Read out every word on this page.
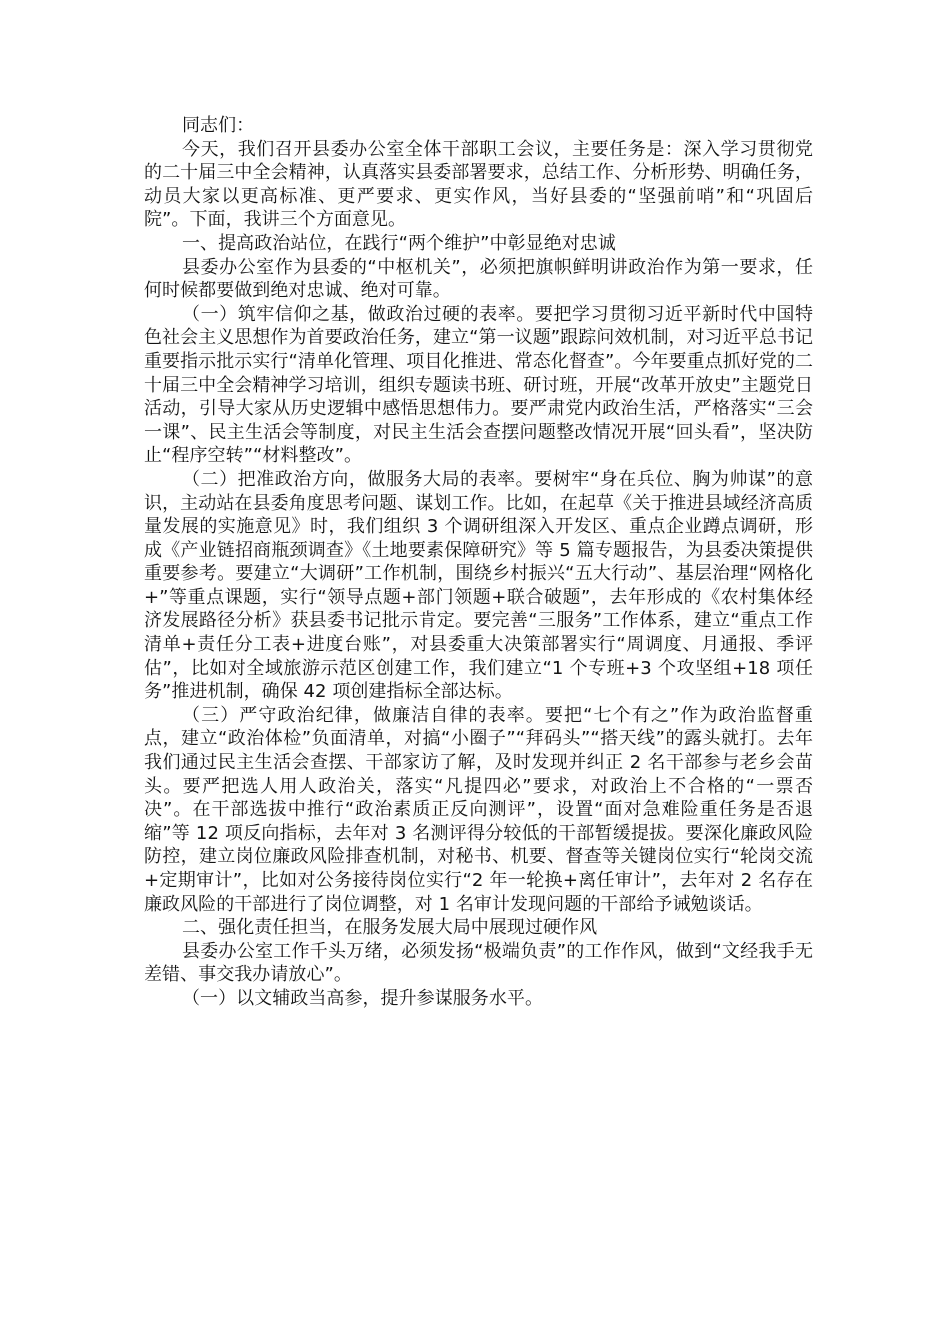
同志们：

今天，我们召开县委办公室全体干部职工会议，主要任务是：深入学习贯彻党的二十届三中全会精神，认真落实县委部署要求，总结工作、分析形势、明确任务，动员大家以更高标准、更严要求、更实作风，当好县委的“坚强前哨”和“巩固后院”。下面，我讲三个方面意见。

一、提高政治站位，在践行“两个维护”中彰显绝对忠诚

县委办公室作为县委的“中枢机关”，必须把旗帜鲜明讲政治作为第一要求，任何时候都要做到绝对忠诚、绝对可靠。

（一）筑牢信仰之基，做政治过硬的表率。要把学习贯彻习近平新时代中国特色社会主义思想作为首要政治任务，建立“第一议题”跟踪问效机制，对习近平总书记重要指示批示实行“清单化管理、项目化推进、常态化督查”。今年要重点抓好党的二十届三中全会精神学习培训，组织专题读书班、研讨班，开展“改革开放史”主题党日活动，引导大家从历史逻辑中感悟思想伟力。要严肃党内政治生活，严格落实“三会一课”、民主生活会等制度，对民主生活会查摆问题整改情况开展“回头看”，坚决防止“程序空转”“材料整改”。

（二）把准政治方向，做服务大局的表率。要树牢“身在兵位、胸为帅谋”的意识，主动站在县委角度思考问题、谋划工作。比如，在起草《关于推进县域经济高质量发展的实施意见》时，我们组织 3 个调研组深入开发区、重点企业蹲点调研，形成《产业链招商瓶颈调查》《土地要素保障研究》等 5 篇专题报告，为县委决策提供重要参考。要建立“大调研”工作机制，围绕乡村振兴“五大行动”、基层治理“网格化+”等重点课题，实行“领导点题+部门领题+联合破题”，去年形成的《农村集体经济发展路径分析》获县委书记批示肯定。要完善“三服务”工作体系，建立“重点工作清单+责任分工表+进度台账”，对县委重大决策部署实行“周调度、月通报、季评估”，比如对全域旅游示范区创建工作，我们建立“1 个专班+3 个攻坚组+18 项任务”推进机制，确保 42 项创建指标全部达标。

（三）严守政治纪律，做廉洁自律的表率。要把“七个有之”作为政治监督重点，建立“政治体检”负面清单，对搞“小圈子”“拜码头”“搭天线”的露头就打。去年我们通过民主生活会查摆、干部家访了解，及时发现并纠正 2 名干部参与老乡会苗头。要严把选人用人政治关，落实“凡提四必”要求，对政治上不合格的“一票否决”。在干部选拔中推行“政治素质正反向测评”，设置“面对急难险重任务是否退缩”等 12 项反向指标，去年对 3 名测评得分较低的干部暂缓提拔。要深化廉政风险防控，建立岗位廉政风险排查机制，对秘书、机要、督查等关键岗位实行“轮岗交流+定期审计”，比如对公务接待岗位实行“2 年一轮换+离任审计”，去年对 2 名存在廉政风险的干部进行了岗位调整，对 1 名审计发现问题的干部给予诫勉谈话。

二、强化责任担当，在服务发展大局中展现过硬作风

县委办公室工作千头万绪，必须发扬“极端负责”的工作作风，做到“文经我手无差错、事交我办请放心”。

（一）以文辅政当高参，提升参谋服务水平。
